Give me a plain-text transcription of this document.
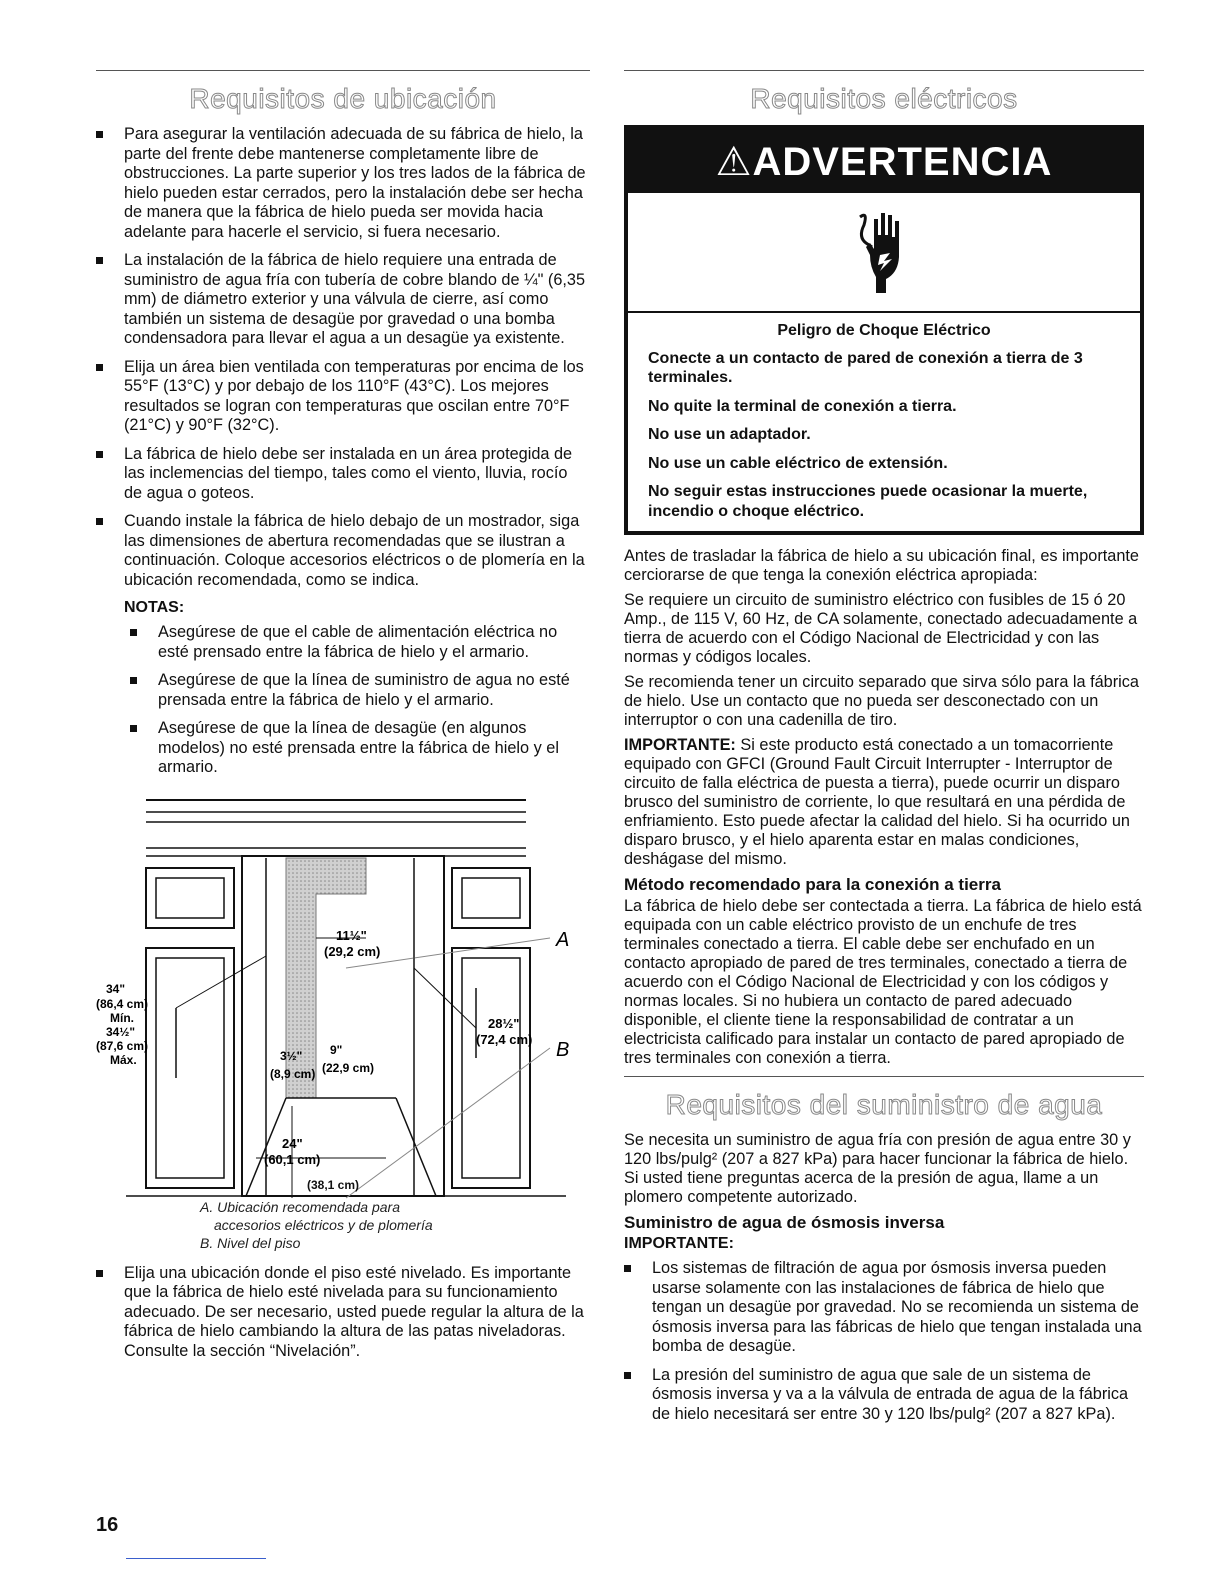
Requisitos de ubicación
Para asegurar la ventilación adecuada de su fábrica de hielo, la parte del frente debe mantenerse completamente libre de obstrucciones. La parte superior y los tres lados de la fábrica de hielo pueden estar cerrados, pero la instalación debe ser hecha de manera que la fábrica de hielo pueda ser movida hacia adelante para hacerle el servicio, si fuera necesario.
La instalación de la fábrica de hielo requiere una entrada de suministro de agua fría con tubería de cobre blando de ¼" (6,35 mm) de diámetro exterior y una válvula de cierre, así como también un sistema de desagüe por gravedad o una bomba condensadora para llevar el agua a un desagüe ya existente.
Elija un área bien ventilada con temperaturas por encima de los 55°F (13°C) y por debajo de los 110°F (43°C). Los mejores resultados se logran con temperaturas que oscilan entre 70°F (21°C) y 90°F (32°C).
La fábrica de hielo debe ser instalada en un área protegida de las inclemencias del tiempo, tales como el viento, lluvia, rocío de agua o goteos.
Cuando instale la fábrica de hielo debajo de un mostrador, siga las dimensiones de abertura recomendadas que se ilustran a continuación. Coloque accesorios eléctricos o de plomería en la ubicación recomendada, como se indica.
NOTAS:
Asegúrese de que el cable de alimentación eléctrica no esté prensado entre la fábrica de hielo y el armario.
Asegúrese de que la línea de suministro de agua no esté prensada entre la fábrica de hielo y el armario.
Asegúrese de que la línea de desagüe (en algunos modelos) no esté prensada entre la fábrica de hielo y el armario.
34"
(86,4 cm)
Mín.
34½"
(87,6 cm)
Máx.
11½"
(29,2 cm)
3½"
(8,9 cm)
9"
(22,9 cm)
28½"
(72,4 cm)
24"
(60,1 cm)
A
B
(38,1 cm)
A. Ubicación recomendada para
accesorios eléctricos y de plomería
B. Nivel del piso
Elija una ubicación donde el piso esté nivelado. Es importante que la fábrica de hielo esté nivelada para su funcionamiento adecuado. De ser necesario, usted puede regular la altura de la fábrica de hielo cambiando la altura de las patas niveladoras. Consulte la sección “Nivelación”.
Requisitos eléctricos
⚠ADVERTENCIA
Peligro de Choque Eléctrico

Conecte a un contacto de pared de conexión a tierra de 3 terminales.

No quite la terminal de conexión a tierra.

No use un adaptador.

No use un cable eléctrico de extensión.

No seguir estas instrucciones puede ocasionar la muerte, incendio o choque eléctrico.

Antes de trasladar la fábrica de hielo a su ubicación final, es importante cerciorarse de que tenga la conexión eléctrica apropiada:

Se requiere un circuito de suministro eléctrico con fusibles de 15 ó 20 Amp., de 115 V, 60 Hz, de CA solamente, conectado adecuadamente a tierra de acuerdo con el Código Nacional de Electricidad y con las normas y códigos locales.

Se recomienda tener un circuito separado que sirva sólo para la fábrica de hielo. Use un contacto que no pueda ser desconectado con un interruptor o con una cadenilla de tiro.

IMPORTANTE: Si este producto está conectado a un tomacorriente equipado con GFCI (Ground Fault Circuit Interrupter - Interruptor de circuito de falla eléctrica de puesta a tierra), puede ocurrir un disparo brusco del suministro de corriente, lo que resultará en una pérdida de enfriamiento. Esto puede afectar la calidad del hielo. Si ha ocurrido un disparo brusco, y el hielo aparenta estar en malas condiciones, deshágase del mismo.

Método recomendado para la conexión a tierra

La fábrica de hielo debe ser contectada a tierra. La fábrica de hielo está equipada con un cable eléctrico provisto de un enchufe de tres terminales conectado a tierra. El cable debe ser enchufado en un contacto apropiado de pared de tres terminales, conectado a tierra de acuerdo con el Código Nacional de Electricidad y con los códigos y normas locales. Si no hubiera un contacto de pared adecuado disponible, el cliente tiene la responsabilidad de contratar a un electricista calificado para instalar un contacto de pared apropiado de tres terminales con conexión a tierra.

Requisitos del suministro de agua

Se necesita un suministro de agua fría con presión de agua entre 30 y 120 lbs/pulg² (207 a 827 kPa) para hacer funcionar la fábrica de hielo. Si usted tiene preguntas acerca de la presión de agua, llame a un plomero competente autorizado.

Suministro de agua de ósmosis inversa
IMPORTANTE:
Los sistemas de filtración de agua por ósmosis inversa pueden usarse solamente con las instalaciones de fábrica de hielo que tengan un desagüe por gravedad. No se recomienda un sistema de ósmosis inversa para las fábricas de hielo que tengan instalada una bomba de desagüe.
La presión del suministro de agua que sale de un sistema de ósmosis inversa y va a la válvula de entrada de agua de la fábrica de hielo necesitará ser entre 30 y 120 lbs/pulg² (207 a 827 kPa).
16
